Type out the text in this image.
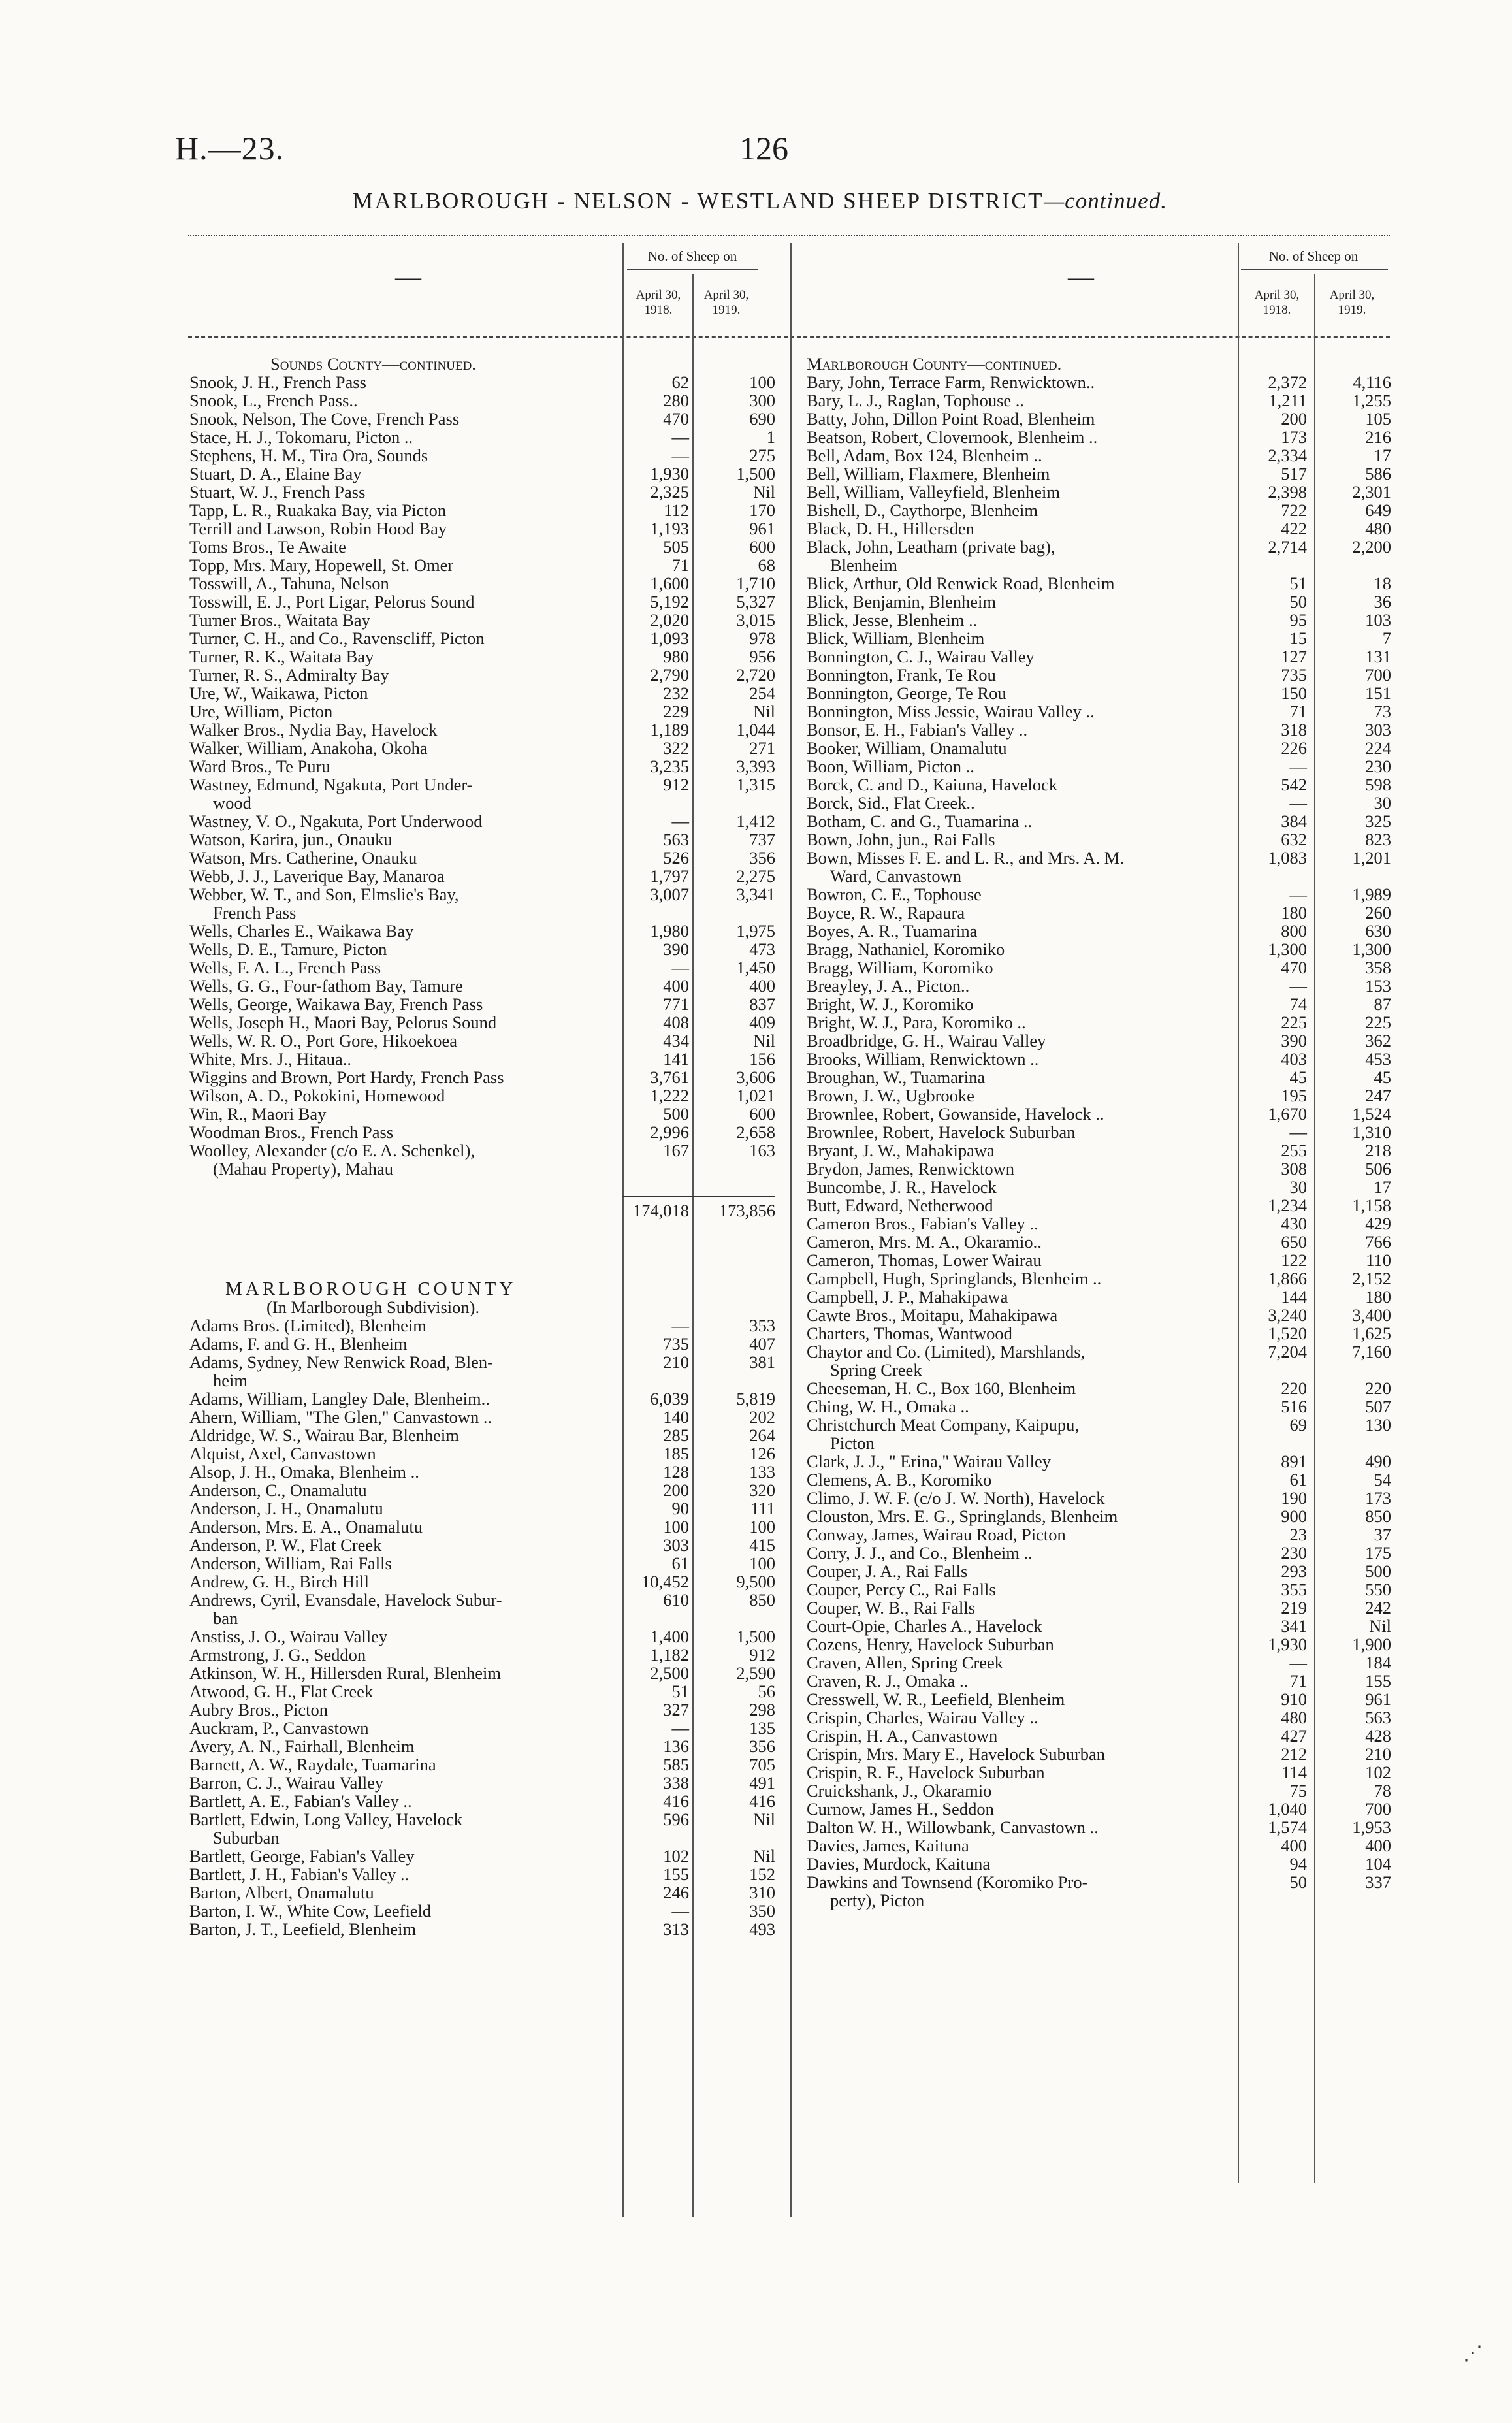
H.—23.	126
MARLBOROUGH - NELSON - WESTLAND SHEEP DISTRICT—continued.
—
No. of Sheep on
April 30, 1918.
April 30, 1919.
—
No. of Sheep on
April 30, 1918.
April 30, 1919.
Sounds County—continued.
Snook, J. H., French Pass	62	100
Snook, L., French Pass..	280	300
Snook, Nelson, The Cove, French Pass	470	690
Stace, H. J., Tokomaru, Picton ..	—	1
Stephens, H. M., Tira Ora, Sounds	—	275
Stuart, D. A., Elaine Bay	1,930	1,500
Stuart, W. J., French Pass	2,325	Nil
Tapp, L. R., Ruakaka Bay, via Picton	112	170
Terrill and Lawson, Robin Hood Bay	1,193	961
Toms Bros., Te Awaite	505	600
Topp, Mrs. Mary, Hopewell, St. Omer	71	68
Tosswill, A., Tahuna, Nelson	1,600	1,710
Tosswill, E. J., Port Ligar, Pelorus Sound	5,192	5,327
Turner Bros., Waitata Bay	2,020	3,015
Turner, C. H., and Co., Ravenscliff, Picton	1,093	978
Turner, R. K., Waitata Bay	980	956
Turner, R. S., Admiralty Bay	2,790	2,720
Ure, W., Waikawa, Picton	232	254
Ure, William, Picton	229	Nil
Walker Bros., Nydia Bay, Havelock	1,189	1,044
Walker, William, Anakoha, Okoha	322	271
Ward Bros., Te Puru	3,235	3,393
Wastney, Edmund, Ngakuta, Port Under-	912	1,315
wood
Wastney, V. O., Ngakuta, Port Underwood	—	1,412
Watson, Karira, jun., Onauku	563	737
Watson, Mrs. Catherine, Onauku	526	356
Webb, J. J., Laverique Bay, Manaroa	1,797	2,275
Webber, W. T., and Son, Elmslie's Bay,	3,007	3,341
French Pass
Wells, Charles E., Waikawa Bay	1,980	1,975
Wells, D. E., Tamure, Picton	390	473
Wells, F. A. L., French Pass	—	1,450
Wells, G. G., Four-fathom Bay, Tamure	400	400
Wells, George, Waikawa Bay, French Pass	771	837
Wells, Joseph H., Maori Bay, Pelorus Sound	408	409
Wells, W. R. O., Port Gore, Hikoekoea	434	Nil
White, Mrs. J., Hitaua..	141	156
Wiggins and Brown, Port Hardy, French Pass	3,761	3,606
Wilson, A. D., Pokokini, Homewood	1,222	1,021
Win, R., Maori Bay	500	600
Woodman Bros., French Pass	2,996	2,658
Woolley, Alexander (c/o E. A. Schenkel),	167	163
(Mahau Property), Mahau
174,018	173,856
MARLBOROUGH COUNTY
(In Marlborough Subdivision).
Adams Bros. (Limited), Blenheim	—	353
Adams, F. and G. H., Blenheim	735	407
Adams, Sydney, New Renwick Road, Blen-	210	381
heim
Adams, William, Langley Dale, Blenheim..	6,039	5,819
Ahern, William, "The Glen," Canvastown ..	140	202
Aldridge, W. S., Wairau Bar, Blenheim	285	264
Alquist, Axel, Canvastown	185	126
Alsop, J. H., Omaka, Blenheim ..	128	133
Anderson, C., Onamalutu	200	320
Anderson, J. H., Onamalutu	90	111
Anderson, Mrs. E. A., Onamalutu	100	100
Anderson, P. W., Flat Creek	303	415
Anderson, William, Rai Falls	61	100
Andrew, G. H., Birch Hill	10,452	9,500
Andrews, Cyril, Evansdale, Havelock Subur-	610	850
ban
Anstiss, J. O., Wairau Valley	1,400	1,500
Armstrong, J. G., Seddon	1,182	912
Atkinson, W. H., Hillersden Rural, Blenheim	2,500	2,590
Atwood, G. H., Flat Creek	51	56
Aubry Bros., Picton	327	298
Auckram, P., Canvastown	—	135
Avery, A. N., Fairhall, Blenheim	136	356
Barnett, A. W., Raydale, Tuamarina	585	705
Barron, C. J., Wairau Valley	338	491
Bartlett, A. E., Fabian's Valley ..	416	416
Bartlett, Edwin, Long Valley, Havelock	596	Nil
Suburban
Bartlett, George, Fabian's Valley	102	Nil
Bartlett, J. H., Fabian's Valley ..	155	152
Barton, Albert, Onamalutu	246	310
Barton, I. W., White Cow, Leefield	—	350
Barton, J. T., Leefield, Blenheim	313	493
Marlborough County—continued.
Bary, John, Terrace Farm, Renwicktown..	2,372	4,116
Bary, L. J., Raglan, Tophouse ..	1,211	1,255
Batty, John, Dillon Point Road, Blenheim	200	105
Beatson, Robert, Clovernook, Blenheim ..	173	216
Bell, Adam, Box 124, Blenheim ..	2,334	17
Bell, William, Flaxmere, Blenheim	517	586
Bell, William, Valleyfield, Blenheim	2,398	2,301
Bishell, D., Caythorpe, Blenheim	722	649
Black, D. H., Hillersden	422	480
Black, John, Leatham (private bag),	2,714	2,200
Blenheim
Blick, Arthur, Old Renwick Road, Blenheim	51	18
Blick, Benjamin, Blenheim	50	36
Blick, Jesse, Blenheim ..	95	103
Blick, William, Blenheim	15	7
Bonnington, C. J., Wairau Valley	127	131
Bonnington, Frank, Te Rou	735	700
Bonnington, George, Te Rou	150	151
Bonnington, Miss Jessie, Wairau Valley ..	71	73
Bonsor, E. H., Fabian's Valley ..	318	303
Booker, William, Onamalutu	226	224
Boon, William, Picton ..	—	230
Borck, C. and D., Kaiuna, Havelock	542	598
Borck, Sid., Flat Creek..	—	30
Botham, C. and G., Tuamarina ..	384	325
Bown, John, jun., Rai Falls	632	823
Bown, Misses F. E. and L. R., and Mrs. A. M.	1,083	1,201
Ward, Canvastown
Bowron, C. E., Tophouse	—	1,989
Boyce, R. W., Rapaura	180	260
Boyes, A. R., Tuamarina	800	630
Bragg, Nathaniel, Koromiko	1,300	1,300
Bragg, William, Koromiko	470	358
Breayley, J. A., Picton..	—	153
Bright, W. J., Koromiko	74	87
Bright, W. J., Para, Koromiko ..	225	225
Broadbridge, G. H., Wairau Valley	390	362
Brooks, William, Renwicktown ..	403	453
Broughan, W., Tuamarina	45	45
Brown, J. W., Ugbrooke	195	247
Brownlee, Robert, Gowanside, Havelock ..	1,670	1,524
Brownlee, Robert, Havelock Suburban	—	1,310
Bryant, J. W., Mahakipawa	255	218
Brydon, James, Renwicktown	308	506
Buncombe, J. R., Havelock	30	17
Butt, Edward, Netherwood	1,234	1,158
Cameron Bros., Fabian's Valley ..	430	429
Cameron, Mrs. M. A., Okaramio..	650	766
Cameron, Thomas, Lower Wairau	122	110
Campbell, Hugh, Springlands, Blenheim ..	1,866	2,152
Campbell, J. P., Mahakipawa	144	180
Cawte Bros., Moitapu, Mahakipawa	3,240	3,400
Charters, Thomas, Wantwood	1,520	1,625
Chaytor and Co. (Limited), Marshlands,	7,204	7,160
Spring Creek
Cheeseman, H. C., Box 160, Blenheim	220	220
Ching, W. H., Omaka ..	516	507
Christchurch Meat Company, Kaipupu,	69	130
Picton
Clark, J. J., " Erina," Wairau Valley	891	490
Clemens, A. B., Koromiko	61	54
Climo, J. W. F. (c/o J. W. North), Havelock	190	173
Clouston, Mrs. E. G., Springlands, Blenheim	900	850
Conway, James, Wairau Road, Picton	23	37
Corry, J. J., and Co., Blenheim ..	230	175
Couper, J. A., Rai Falls	293	500
Couper, Percy C., Rai Falls	355	550
Couper, W. B., Rai Falls	219	242
Court-Opie, Charles A., Havelock	341	Nil
Cozens, Henry, Havelock Suburban	1,930	1,900
Craven, Allen, Spring Creek	—	184
Craven, R. J., Omaka ..	71	155
Cresswell, W. R., Leefield, Blenheim	910	961
Crispin, Charles, Wairau Valley ..	480	563
Crispin, H. A., Canvastown	427	428
Crispin, Mrs. Mary E., Havelock Suburban	212	210
Crispin, R. F., Havelock Suburban	114	102
Cruickshank, J., Okaramio	75	78
Curnow, James H., Seddon	1,040	700
Dalton W. H., Willowbank, Canvastown ..	1,574	1,953
Davies, James, Kaituna	400	400
Davies, Murdock, Kaituna	94	104
Dawkins and Townsend (Koromiko Pro-	50	337
perty), Picton
⋰
